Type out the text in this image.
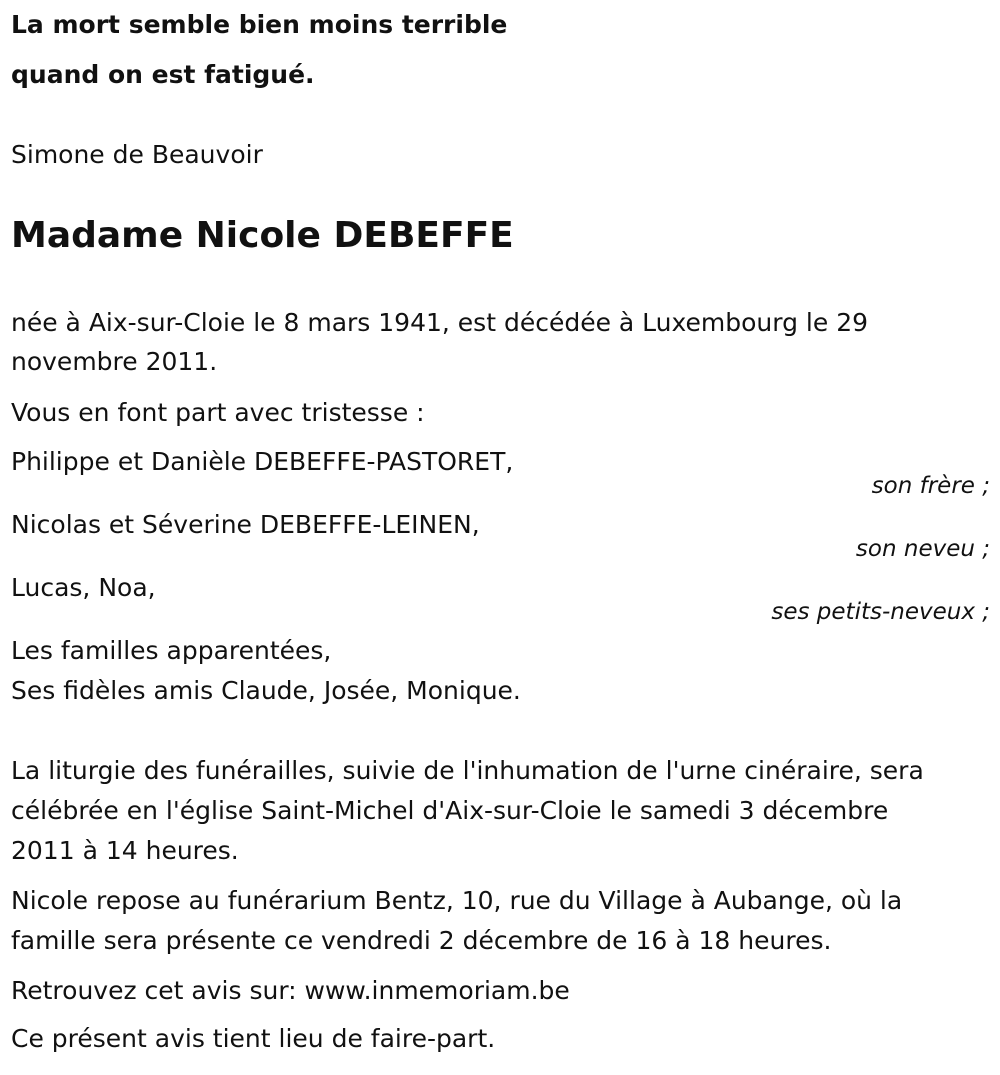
La mort semble bien moins terrible
quand on est fatigué.
Simone de Beauvoir
Madame Nicole DEBEFFE
née à Aix-sur-Cloie le 8 mars 1941, est décédée à Luxembourg le 29
novembre 2011.
Vous en font part avec tristesse :
Philippe et Danièle DEBEFFE-PASTORET,
son frère ;
Nicolas et Séverine DEBEFFE-LEINEN,
son neveu ;
Lucas, Noa,
ses petits-neveux ;
Les familles apparentées,
Ses fidèles amis Claude, Josée, Monique.
La liturgie des funérailles, suivie de l'inhumation de l'urne cinéraire, sera
célébrée en l'église Saint-Michel d'Aix-sur-Cloie le samedi 3 décembre
2011 à 14 heures.
Nicole repose au funérarium Bentz, 10, rue du Village à Aubange, où la
famille sera présente ce vendredi 2 décembre de 16 à 18 heures.
Retrouvez cet avis sur: www.inmemoriam.be
Ce présent avis tient lieu de faire-part.
